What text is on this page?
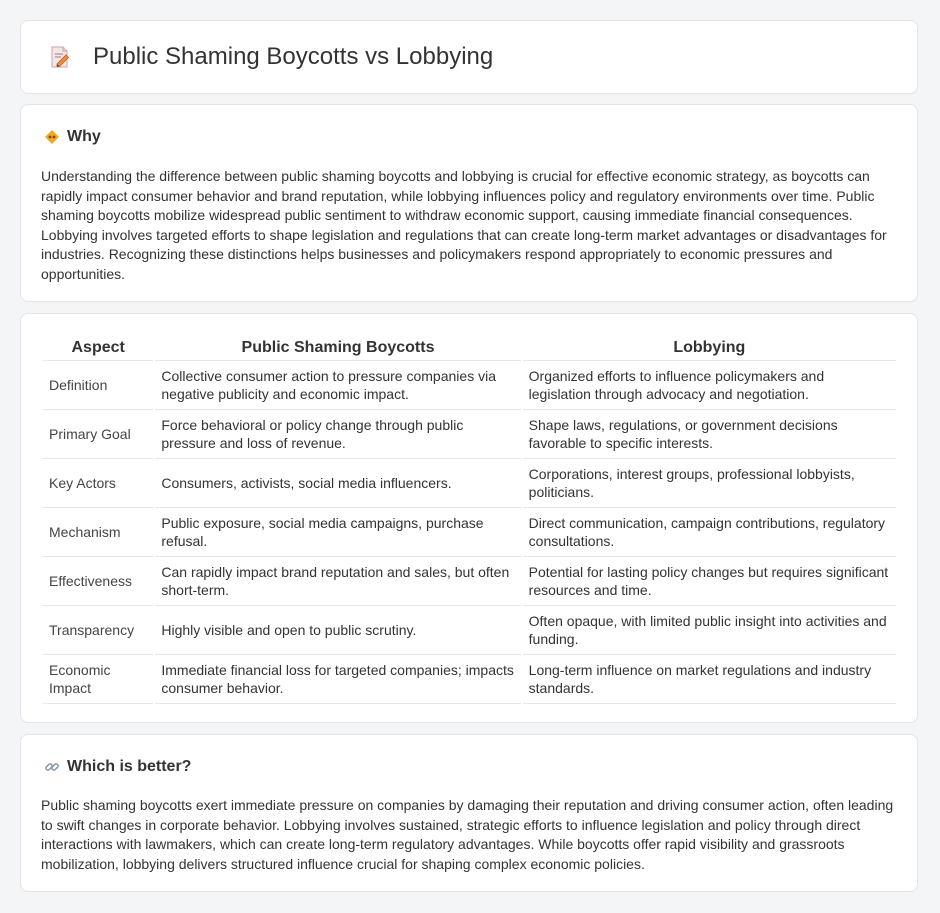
Public Shaming Boycotts vs Lobbying
Why

Understanding the difference between public shaming boycotts and lobbying is crucial for effective economic strategy, as boycotts can rapidly impact consumer behavior and brand reputation, while lobbying influences policy and regulatory environments over time. Public shaming boycotts mobilize widespread public sentiment to withdraw economic support, causing immediate financial consequences. Lobbying involves targeted efforts to shape legislation and regulations that can create long-term market advantages or disadvantages for industries. Recognizing these distinctions helps businesses and policymakers respond appropriately to economic pressures and opportunities.

Aspect	Public Shaming Boycotts	Lobbying
Definition	Collective consumer action to pressure companies via negative publicity and economic impact.	Organized efforts to influence policymakers and legislation through advocacy and negotiation.
Primary Goal	Force behavioral or policy change through public pressure and loss of revenue.	Shape laws, regulations, or government decisions favorable to specific interests.
Key Actors	Consumers, activists, social media influencers.	Corporations, interest groups, professional lobbyists, politicians.
Mechanism	Public exposure, social media campaigns, purchase refusal.	Direct communication, campaign contributions, regulatory consultations.
Effectiveness	Can rapidly impact brand reputation and sales, but often short-term.	Potential for lasting policy changes but requires significant resources and time.
Transparency	Highly visible and open to public scrutiny.	Often opaque, with limited public insight into activities and funding.
Economic Impact	Immediate financial loss for targeted companies; impacts consumer behavior.	Long-term influence on market regulations and industry standards.
Which is better?

Public shaming boycotts exert immediate pressure on companies by damaging their reputation and driving consumer action, often leading to swift changes in corporate behavior. Lobbying involves sustained, strategic efforts to influence legislation and policy through direct interactions with lawmakers, which can create long-term regulatory advantages. While boycotts offer rapid visibility and grassroots mobilization, lobbying delivers structured influence crucial for shaping complex economic policies.
